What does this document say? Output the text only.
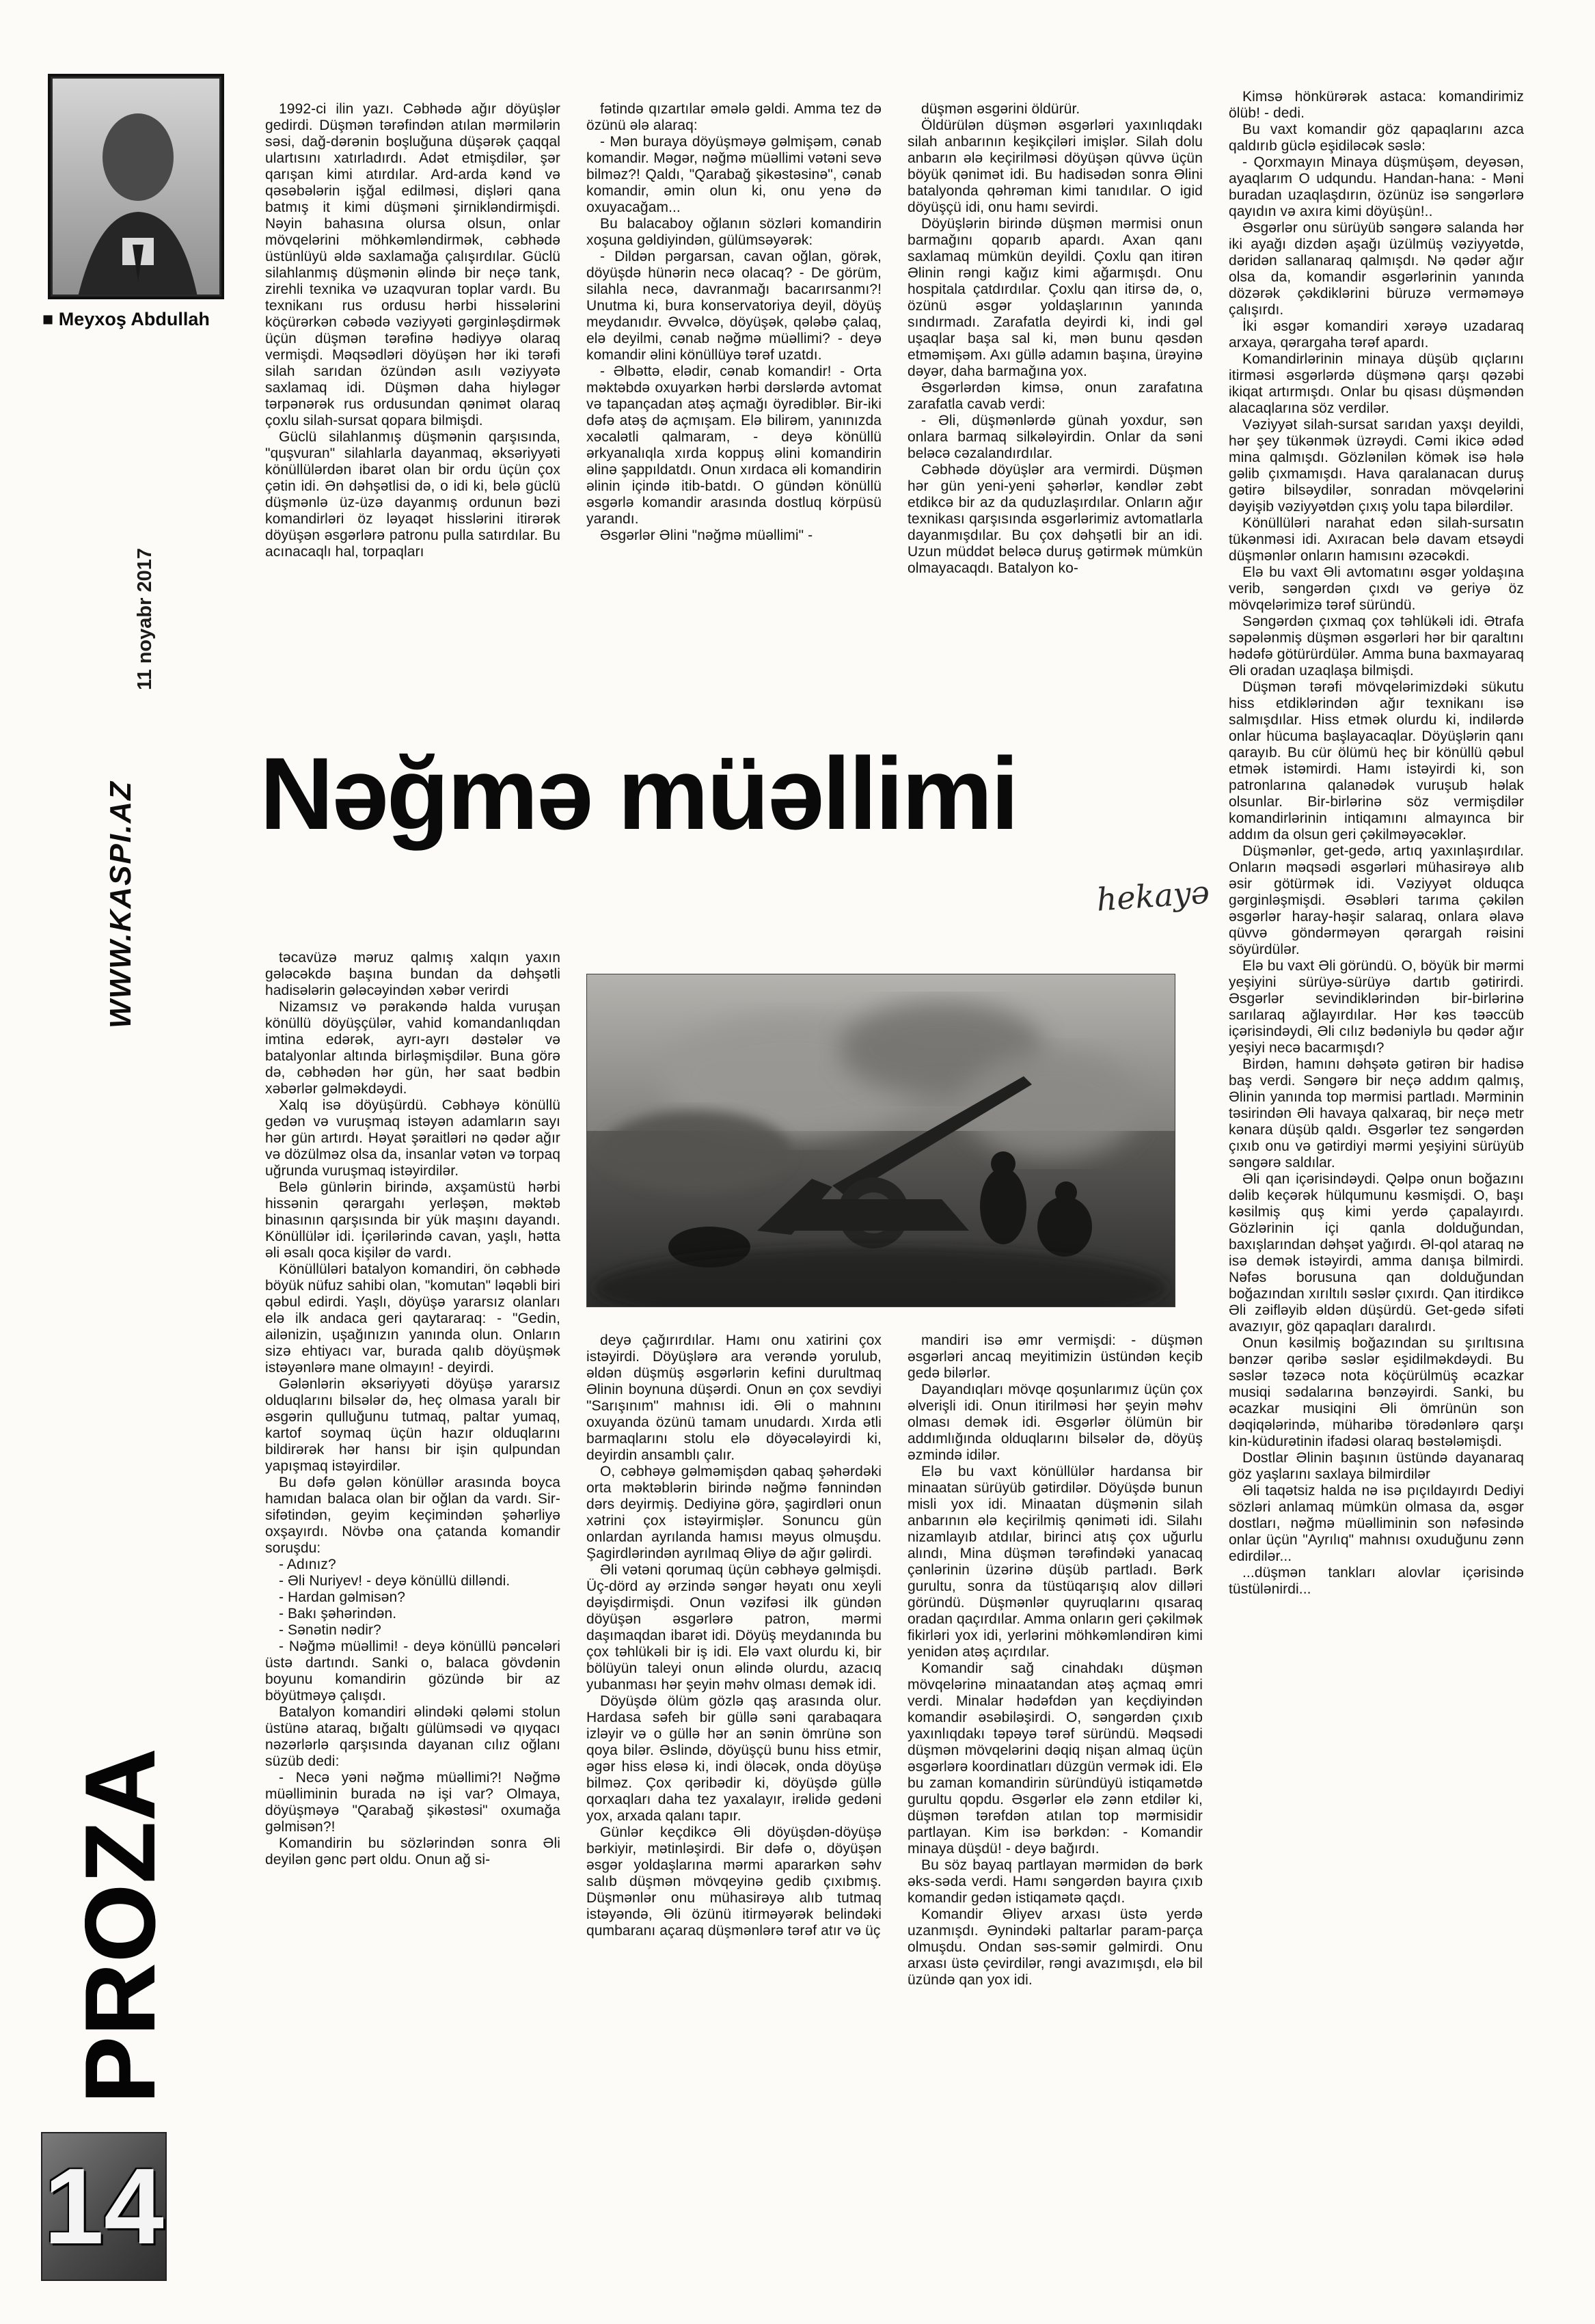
■ Meyxoş Abdullah
11 noyabr 2017
WWW.KASPI.AZ
PROZA
14

1992-ci ilin yazı. Cəbhədə ağır döyüşlər gedirdi. Düşmən tərəfindən atılan mərmilərin səsi, dağ-dərənin boşluğuna düşərək çaqqal ulartısını xatırladırdı. Adət etmişdilər, şər qarışan kimi atırdılar. Ard-arda kənd və qəsəbələrin işğal edilməsi, dişləri qana batmış it kimi düşməni şirnikləndirmişdi. Nəyin bahasına olursa olsun, onlar mövqelərini möhkəmləndirmək, cəbhədə üstünlüyü əldə saxlamağa çalışırdılar. Güclü silahlanmış düşmənin əlində bir neçə tank, zirehli texnika və uzaqvuran toplar vardı. Bu texnikanı rus ordusu hərbi hissələrini köçürərkən cəbədə vəziyyəti gərginləşdirmək üçün düşmən tərəfinə hədiyyə olaraq vermişdi. Məqsədləri döyüşən hər iki tərəfi silah sarıdan özündən asılı vəziyyətə saxlamaq idi. Düşmən daha hiyləgər tərpənərək rus ordusundan qənimət olaraq çoxlu silah-sursat qopara bilmişdi.

Güclü silahlanmış düşmənin qarşısında, "quşvuran" silahlarla dayanmaq, əksəriyyəti könüllülərdən ibarət olan bir ordu üçün çox çətin idi. Ən dəhşətlisi də, o idi ki, belə güclü düşmənlə üz-üzə dayanmış ordunun bəzi komandirləri öz ləyaqət hisslərini itirərək döyüşən əsgərlərə patronu pulla satırdılar. Bu acınacaqlı hal, torpaqları

fətində qızartılar əmələ gəldi. Amma tez də özünü ələ alaraq:

- Mən buraya döyüşməyə gəlmişəm, cənab komandir. Məgər, nəğmə müəllimi vətəni sevə bilməz?! Qaldı, "Qarabağ şikəstəsinə", cənab komandir, əmin olun ki, onu yenə də oxuyacağam...

Bu balacaboy oğlanın sözləri komandirin xoşuna gəldiyindən, gülümsəyərək:

- Dildən pərgarsan, cavan oğlan, görək, döyüşdə hünərin necə olacaq? - De görüm, silahla necə, davranmağı bacarırsanmı?! Unutma ki, bura konservatoriya deyil, döyüş meydanıdır. Əvvəlcə, döyüşək, qələbə çalaq, elə deyilmi, cənab nəğmə müəllimi? - deyə komandir əlini könüllüyə tərəf uzatdı.

- Əlbəttə, elədir, cənab komandir! - Orta məktəbdə oxuyarkən hərbi dərslərdə avtomat və tapançadan atəş açmağı öyrədiblər. Bir-iki dəfə atəş də açmışam. Elə bilirəm, yanınızda xəcalətli qalmaram, - deyə könüllü ərkyanalıqla xırda koppuş əlini komandirin əlinə şappıldatdı. Onun xırdaca əli komandirin əlinin içində itib-batdı. O gündən könüllü əsgərlə komandir arasında dostluq körpüsü yarandı.

Əsgərlər Əlini "nəğmə müəllimi" -

düşmən əsgərini öldürür.

Öldürülən düşmən əsgərləri yaxınlıqdakı silah anbarının keşikçiləri imişlər. Silah dolu anbarın ələ keçirilməsi döyüşən qüvvə üçün böyük qənimət idi. Bu hadisədən sonra Əlini batalyonda qəhrəman kimi tanıdılar. O igid döyüşçü idi, onu hamı sevirdi.

Döyüşlərin birində düşmən mərmisi onun barmağını qoparıb apardı. Axan qanı saxlamaq mümkün deyildi. Çoxlu qan itirən Əlinin rəngi kağız kimi ağarmışdı. Onu hospitala çatdırdılar. Çoxlu qan itirsə də, o, özünü əsgər yoldaşlarının yanında sındırmadı. Zarafatla deyirdi ki, indi gəl uşaqlar başa sal ki, mən bunu qəsdən etməmişəm. Axı güllə adamın başına, ürəyinə dəyər, daha barmağına yox.

Əsgərlərdən kimsə, onun zarafatına zarafatla cavab verdi:

- Əli, düşmənlərdə günah yoxdur, sən onlara barmaq silkələyirdin. Onlar da səni beləcə cəzalandırdılar.

Cəbhədə döyüşlər ara vermirdi. Düşmən hər gün yeni-yeni şəhərlər, kəndlər zəbt etdikcə bir az da quduzlaşırdılar. Onların ağır texnikası qarşısında əsgərlərimiz avtomatlarla dayanmışdılar. Bu çox dəhşətli bir an idi. Uzun müddət beləcə duruş gətirmək mümkün olmayacaqdı. Batalyon ko-

Kimsə hönkürərək astaca: komandirimiz ölüb! - dedi.

Bu vaxt komandir göz qapaqlarını azca qaldırıb güclə eşidiləcək səslə:

- Qorxmayın Minaya düşmüşəm, deyəsən, ayaqlarım O udqundu. Handan-hana: - Məni buradan uzaqlaşdırın, özünüz isə səngərlərə qayıdın və axıra kimi döyüşün!..

Əsgərlər onu sürüyüb səngərə salanda hər iki ayağı dizdən aşağı üzülmüş vəziyyətdə, dəridən sallanaraq qalmışdı. Nə qədər ağır olsa da, komandir əsgərlərinin yanında dözərək çəkdiklərini büruzə verməməyə çalışırdı.

İki əsgər komandiri xərəyə uzadaraq arxaya, qərargaha tərəf apardı.

Komandirlərinin minaya düşüb qıçlarını itirməsi əsgərlərdə düşmənə qarşı qəzəbi ikiqat artırmışdı. Onlar bu qisası düşməndən alacaqlarına söz verdilər.

Vəziyyət silah-sursat sarıdan yaxşı deyildi, hər şey tükənmək üzrəydi. Cəmi ikicə ədəd mina qalmışdı. Gözlənilən kömək isə hələ gəlib çıxmamışdı. Hava qaralanacan duruş gətirə bilsəydilər, sonradan mövqelərini dəyişib vəziyyətdən çıxış yolu tapa bilərdilər.

Könüllüləri narahat edən silah-sursatın tükənməsi idi. Axıracan belə davam etsəydi düşmənlər onların hamısını əzəcəkdi.

Elə bu vaxt Əli avtomatını əsgər yoldaşına verib, səngərdən çıxdı və geriyə öz mövqelərimizə tərəf süründü.

Səngərdən çıxmaq çox təhlükəli idi. Ətrafa səpələnmiş düşmən əsgərləri hər bir qaraltını hədəfə götürürdülər. Amma buna baxmayaraq Əli oradan uzaqlaşa bilmişdi.

Düşmən tərəfi mövqelərimizdəki sükutu hiss etdiklərindən ağır texnikanı isə salmışdılar. Hiss etmək olurdu ki, indilərdə onlar hücuma başlayacaqlar. Döyüşlərin qanı qarayıb. Bu cür ölümü heç bir könüllü qəbul etmək istəmirdi. Hamı istəyirdi ki, son patronlarına qalanədək vuruşub həlak olsunlar. Bir-birlərinə söz vermişdilər komandirlərinin intiqamını almayınca bir addım da olsun geri çəkilməyəcəklər.

Düşmənlər, get-gedə, artıq yaxınlaşırdılar. Onların məqsədi əsgərləri mühasirəyə alıb əsir götürmək idi. Vəziyyət olduqca gərginləşmişdi. Əsəbləri tarıma çəkilən əsgərlər haray-həşir salaraq, onlara əlavə qüvvə göndərməyən qərargah rəisini söyürdülər.

Elə bu vaxt Əli göründü. O, böyük bir mərmi yeşiyini sürüyə-sürüyə dartıb gətirirdi. Əsgərlər sevindiklərindən bir-birlərinə sarılaraq ağlayırdılar. Hər kəs təəccüb içərisindəydi, Əli cılız bədəniylə bu qədər ağır yeşiyi necə bacarmışdı?

Birdən, hamını dəhşətə gətirən bir hadisə baş verdi. Səngərə bir neçə addım qalmış, Əlinin yanında top mərmisi partladı. Mərminin təsirindən Əli havaya qalxaraq, bir neçə metr kənara düşüb qaldı. Əsgərlər tez səngərdən çıxıb onu və gətirdiyi mərmi yeşiyini sürüyüb səngərə saldılar.

Əli qan içərisindəydi. Qəlpə onun boğazını dəlib keçərək hülqumunu kəsmişdi. O, başı kəsilmiş quş kimi yerdə çapalayırdı. Gözlərinin içi qanla dolduğundan, baxışlarından dəhşət yağırdı. Əl-qol ataraq nə isə demək istəyirdi, amma danışa bilmirdi. Nəfəs borusuna qan dolduğundan boğazından xırıltılı səslər çıxırdı. Qan itirdikcə Əli zəifləyib əldən düşürdü. Get-gedə sifəti avazıyır, göz qapaqları daralırdı.

Onun kəsilmiş boğazından su şırıltısına bənzər qəribə səslər eşidilməkdəydi. Bu səslər təzəcə nota köçürülmüş əcazkar musiqi sədalarına bənzəyirdi. Sanki, bu əcazkar musiqini Əli ömrünün son dəqiqələrində, müharibə törədənlərə qarşı kin-küdurətinin ifadəsi olaraq bəstələmişdi.

Dostlar Əlinin başının üstündə dayanaraq göz yaşlarını saxlaya bilmirdilər

Əli taqətsiz halda nə isə pıçıldayırdı Dediyi sözləri anlamaq mümkün olmasa da, əsgər dostları, nəğmə müəlliminin son nəfəsində onlar üçün "Ayrılıq" mahnısı oxuduğunu zənn edirdilər...

...düşmən tankları alovlar içərisində tüstülənirdi...

Nəğmə müəllimi
hekayə

təcavüzə məruz qalmış xalqın yaxın gələcəkdə başına bundan da dəhşətli hadisələrin gələcəyindən xəbər verirdi

Nizamsız və pərakəndə halda vuruşan könüllü döyüşçülər, vahid komandanlıqdan imtina edərək, ayrı-ayrı dəstələr və batalyonlar altında birləşmişdilər. Buna görə də, cəbhədən hər gün, hər saat bədbin xəbərlər gəlməkdəydi.

Xalq isə döyüşürdü. Cəbhəyə könüllü gedən və vuruşmaq istəyən adamların sayı hər gün artırdı. Həyat şəraitləri nə qədər ağır və dözülməz olsa da, insanlar vətən və torpaq uğrunda vuruşmaq istəyirdilər.

Belə günlərin birində, axşamüstü hərbi hissənin qərargahı yerləşən, məktəb binasının qarşısında bir yük maşını dayandı. Könüllülər idi. İçərilərində cavan, yaşlı, hətta əli əsalı qoca kişilər də vardı.

Könüllüləri batalyon komandiri, ön cəbhədə böyük nüfuz sahibi olan, "komutan" ləqəbli biri qəbul edirdi. Yaşlı, döyüşə yararsız olanları elə ilk andaca geri qaytararaq: - "Gedin, ailənizin, uşağınızın yanında olun. Onların sizə ehtiyacı var, burada qalıb döyüşmək istəyənlərə mane olmayın! - deyirdi.

Gələnlərin əksəriyyəti döyüşə yararsız olduqlarını bilsələr də, heç olmasa yaralı bir əsgərin qulluğunu tutmaq, paltar yumaq, kartof soymaq üçün hazır olduqlarını bildirərək hər hansı bir işin qulpundan yapışmaq istəyirdilər.

Bu dəfə gələn könüllər arasında boyca hamıdan balaca olan bir oğlan da vardı. Sir-sifətindən, geyim keçimindən şəhərliyə oxşayırdı. Növbə ona çatanda komandir soruşdu:

- Adınız?

- Əli Nuriyev! - deyə könüllü dilləndi.

- Hardan gəlmisən?

- Bakı şəhərindən.

- Sənətin nədir?

- Nəğmə müəllimi! - deyə könüllü pəncələri üstə dartındı. Sanki o, balaca gövdənin boyunu komandirin gözündə bir az böyütməyə çalışdı.

Batalyon komandiri əlindəki qələmi stolun üstünə ataraq, bığaltı gülümsədi və qıyqacı nəzərlərlə qarşısında dayanan cılız oğlanı süzüb dedi:

- Necə yəni nəğmə müəllimi?! Nəğmə müəlliminin burada nə işi var? Olmaya, döyüşməyə "Qarabağ şikəstəsi" oxumağa gəlmisən?!

Komandirin bu sözlərindən sonra Əli deyilən gənc pərt oldu. Onun ağ si-

deyə çağırırdılar. Hamı onu xatirini çox istəyirdi. Döyüşlərə ara verəndə yorulub, əldən düşmüş əsgərlərin kefini durultmaq Əlinin boynuna düşərdi. Onun ən çox sevdiyi "Sarışınım" mahnısı idi. Əli o mahnını oxuyanda özünü tamam unudardı. Xırda ətli barmaqlarını stolu elə döyəcələyirdi ki, deyirdin ansamblı çalır.

O, cəbhəyə gəlməmişdən qabaq şəhərdəki orta məktəblərin birində nəğmə fənnindən dərs deyirmiş. Dediyinə görə, şagirdləri onun xətrini çox istəyirmişlər. Sonuncu gün onlardan ayrılanda hamısı məyus olmuşdu. Şagirdlərindən ayrılmaq Əliyə də ağır gəlirdi.

Əli vətəni qorumaq üçün cəbhəyə gəlmişdi. Üç-dörd ay ərzində səngər həyatı onu xeyli dəyişdirmişdi. Onun vəzifəsi ilk gündən döyüşən əsgərlərə patron, mərmi daşımaqdan ibarət idi. Döyüş meydanında bu çox təhlükəli bir iş idi. Elə vaxt olurdu ki, bir bölüyün taleyi onun əlində olurdu, azacıq yubanması hər şeyin məhv olması demək idi.

Döyüşdə ölüm gözlə qaş arasında olur. Hardasa səfeh bir güllə səni qarabaqara izləyir və o güllə hər an sənin ömrünə son qoya bilər. Əslində, döyüşçü bunu hiss etmir, əgər hiss eləsə ki, indi öləcək, onda döyüşə bilməz. Çox qəribədir ki, döyüşdə güllə qorxaqları daha tez yaxalayır, irəlidə gedəni yox, arxada qalanı tapır.

Günlər keçdikcə Əli döyüşdən-döyüşə bərkiyir, mətinləşirdi. Bir dəfə o, döyüşən əsgər yoldaşlarına mərmi apararkən səhv salıb düşmən mövqeyinə gedib çıxıbmış. Düşmənlər onu mühasirəyə alıb tutmaq istəyəndə, Əli özünü itirməyərək belindəki qumbaranı açaraq düşmənlərə tərəf atır və üç

mandiri isə əmr vermişdi: - düşmən əsgərləri ancaq meyitimizin üstündən keçib gedə bilərlər.

Dayandıqları mövqe qoşunlarımız üçün çox əlverişli idi. Onun itirilməsi hər şeyin məhv olması demək idi. Əsgərlər ölümün bir addımlığında olduqlarını bilsələr də, döyüş əzmində idilər.

Elə bu vaxt könüllülər hardansa bir minaatan sürüyüb gətirdilər. Döyüşdə bunun misli yox idi. Minaatan düşmənin silah anbarının ələ keçirilmiş qəniməti idi. Silahı nizamlayıb atdılar, birinci atış çox uğurlu alındı, Mina düşmən tərəfindəki yanacaq çənlərinin üzərinə düşüb partladı. Bərk gurultu, sonra da tüstüqarışıq alov dilləri göründü. Düşmənlər quyruqlarını qısaraq oradan qaçırdılar. Amma onların geri çəkilmək fikirləri yox idi, yerlərini möhkəmləndirən kimi yenidən atəş açırdılar.

Komandir sağ cinahdakı düşmən mövqelərinə minaatandan atəş açmaq əmri verdi. Minalar hədəfdən yan keçdiyindən komandir əsəbiləşirdi. O, səngərdən çıxıb yaxınlıqdakı təpəyə tərəf süründü. Məqsədi düşmən mövqelərini dəqiq nişan almaq üçün əsgərlərə koordinatları düzgün vermək idi. Elə bu zaman komandirin süründüyü istiqamətdə gurultu qopdu. Əsgərlər elə zənn etdilər ki, düşmən tərəfdən atılan top mərmisidir partlayan. Kim isə bərkdən: - Komandir minaya düşdü! - deyə bağırdı.

Bu söz bayaq partlayan mərmidən də bərk əks-səda verdi. Hamı səngərdən bayıra çıxıb komandir gedən istiqamətə qaçdı.

Komandir Əliyev arxası üstə yerdə uzanmışdı. Əynindəki paltarlar param-parça olmuşdu. Ondan səs-səmir gəlmirdi. Onu arxası üstə çevirdilər, rəngi avazımışdı, elə bil üzündə qan yox idi.
